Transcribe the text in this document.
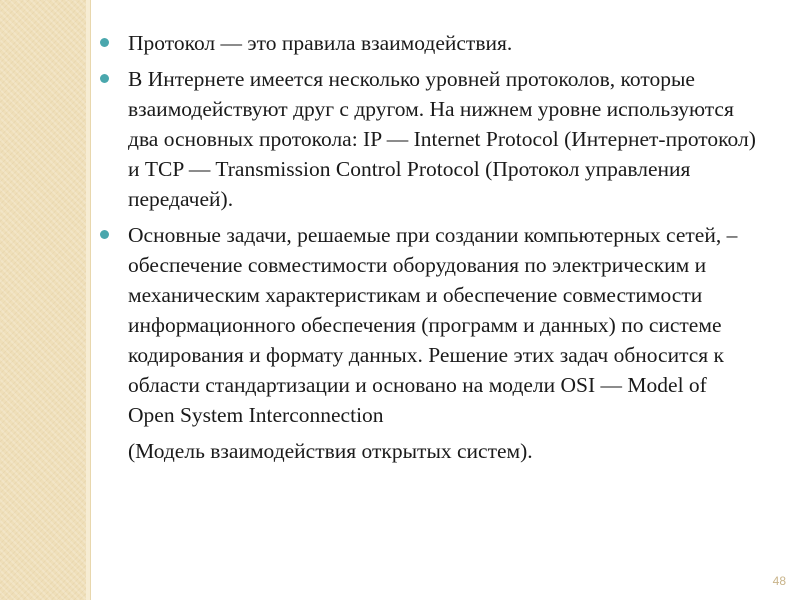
Протокол — это правила взаимодействия.
В Интернете имеется несколько уровней протоколов, которые взаимодействуют друг с другом. На нижнем уровне используются два основных протокола: IP — Internet Protocol (Интернет-протокол) и TCP — Transmission Control Protocol (Протокол управления передачей).
Основные задачи, решаемые при создании компьютерных сетей, – обеспечение совместимости оборудования по электрическим и механическим характеристикам и обеспечение совместимости информационного обеспечения (программ и данных) по системе кодирования и формату данных. Решение этих задач обносится к области стандартизации и основано на модели OSI — Model of Open System Interconnection
(Модель взаимодействия открытых систем).
48
